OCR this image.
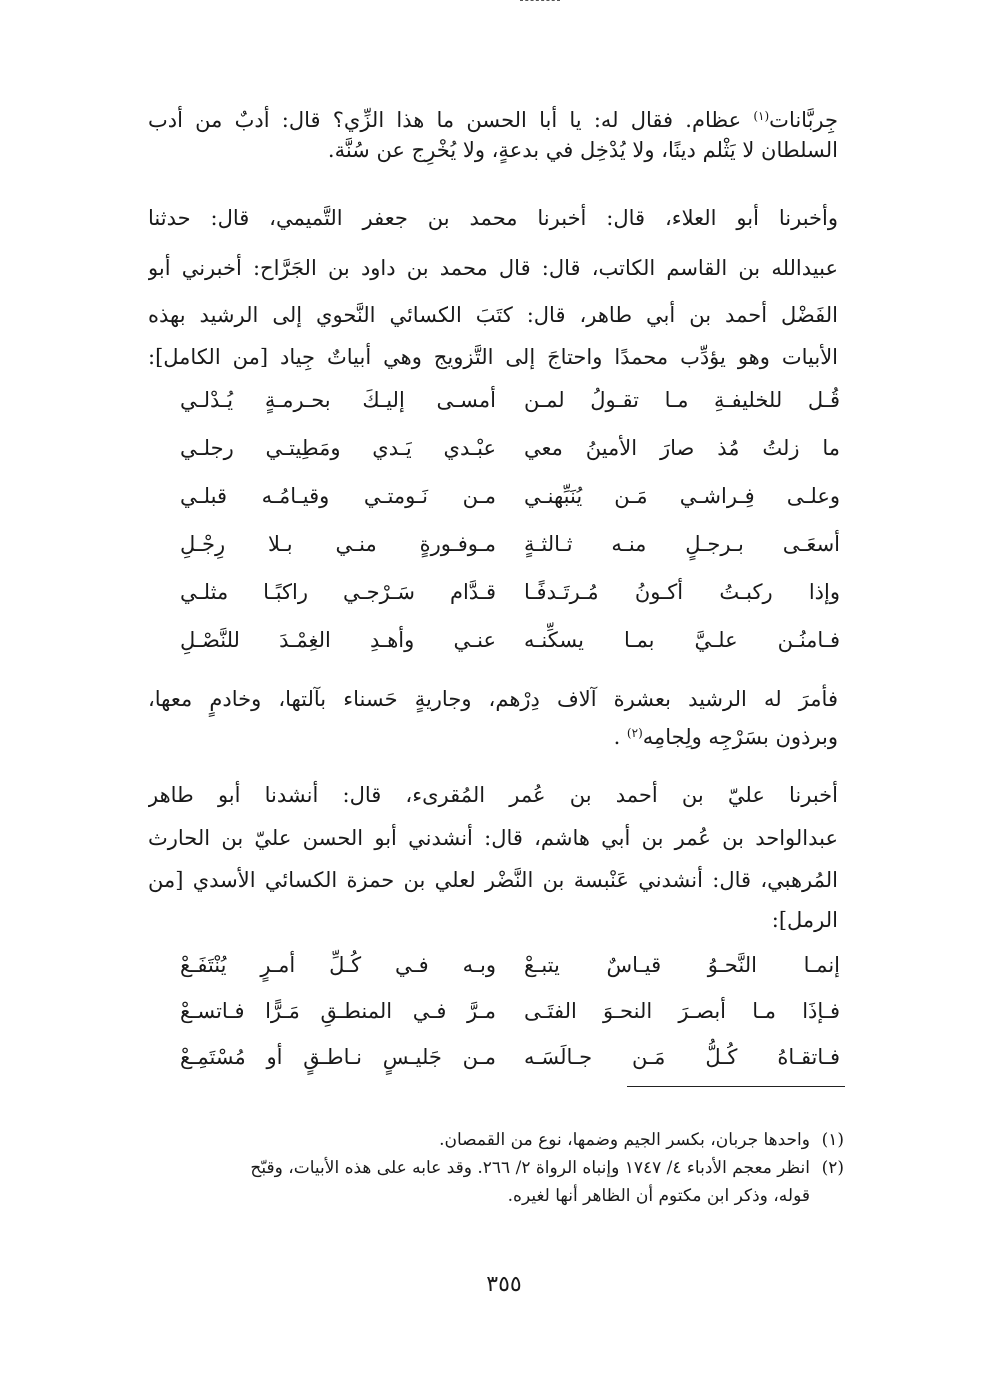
جِربَّانات$^{(١)}$ عظام. فقال له: يا أبا الحسن ما هذا الزِّي؟ قال: أدبٌ من أدب

السلطان لا يَثْلم دينًا، ولا يُدْخِل في بدعةٍ، ولا يُخْرِج عن سُنَّة.

وأخبرنا أبو العلاء، قال: أخبرنا محمد بن جعفر التَّميمي، قال: حدثنا

عبيدالله بن القاسم الكاتب، قال: قال محمد بن داود بن الجَرَّاح: أخبرني أبو

الفَضْل أحمد بن أبي طاهر، قال: كتَبَ الكسائي النَّحوي إلى الرشيد بهذه

الأبيات وهو يؤدِّب محمدًا واحتاجَ إلى التَّزويج وهي أبياتٌ جِياد [من الكامل]:

قُـل للخليفـةِ مـا تقـولُ لمـن
أمسـى إليـكَ بحـرمـةٍ يُـدْلـي
ما زلتُ مُذ صارَ الأمينُ معي
عبْـدي يَـدي ومَطِيتـي رجلـي
وعلـى فِـراشـي مَـن يُنَبِّهنـي
مـن نَـومتـي وقيـامُـه قبلـي
أسعَـى بـرجـلٍ منـه ثـالثـةٍ
مـوفـورةٍ منـي بـلا رِجْـلِ
وإذا ركبـتُ أكـونُ مُـرتَـدفًـا
قـدَّام سَـرْجـي راكبًـا مثلـي
فـامنُـن علـيَّ بمـا يسكِّنـه
عنـي وأهـدِ الغِمْـدَ للنَّصْـلِ

فأمرَ له الرشيد بعشرة آلاف دِرْهم، وجاريةٍ حَسناء بآلتها، وخادمٍ معها،

وبرذون بسَرْجِه ولِجامِه$^{(٢)}$ .

أخبرنا عليّ بن أحمد بن عُمر المُقرىء، قال: أنشدنا أبو طاهر

عبدالواحد بن عُمر بن أبي هاشم، قال: أنشدني أبو الحسن عليّ بن الحارث

المُرهبي، قال: أنشدني عَنْبسة بن النَّضْر لعلي بن حمزة الكسائي الأسدي [من

الرمل]:

إنمـا النَّحـوُ قيـاسٌ يتبـعْ
وبـه فـي كُـلِّ أمـرٍ يُنْتَفَـعْ
فـإذَا مـا أبصـرَ النحـوَ الفتَـى
مـرَّ فـي المنطـقِ مَـرًّا فـاتسـعْ
فـاتقـاهُ كُـلُّ مَـن جـالَسَـه
مـن جَليـسٍ نـاطـقٍ أو مُسْتَمِـعْ
(١)
واحدها جربان، بكسر الجيم وضمها، نوع من القمصان.
(٢)
انظر معجم الأدباء ٤/ ١٧٤٧ وإنباه الرواة ٢/ ٢٦٦. وقد عابه على هذه الأبيات، وقبّح
قوله، وذكر ابن مكتوم أن الظاهر أنها لغيره.
٣٥٥
